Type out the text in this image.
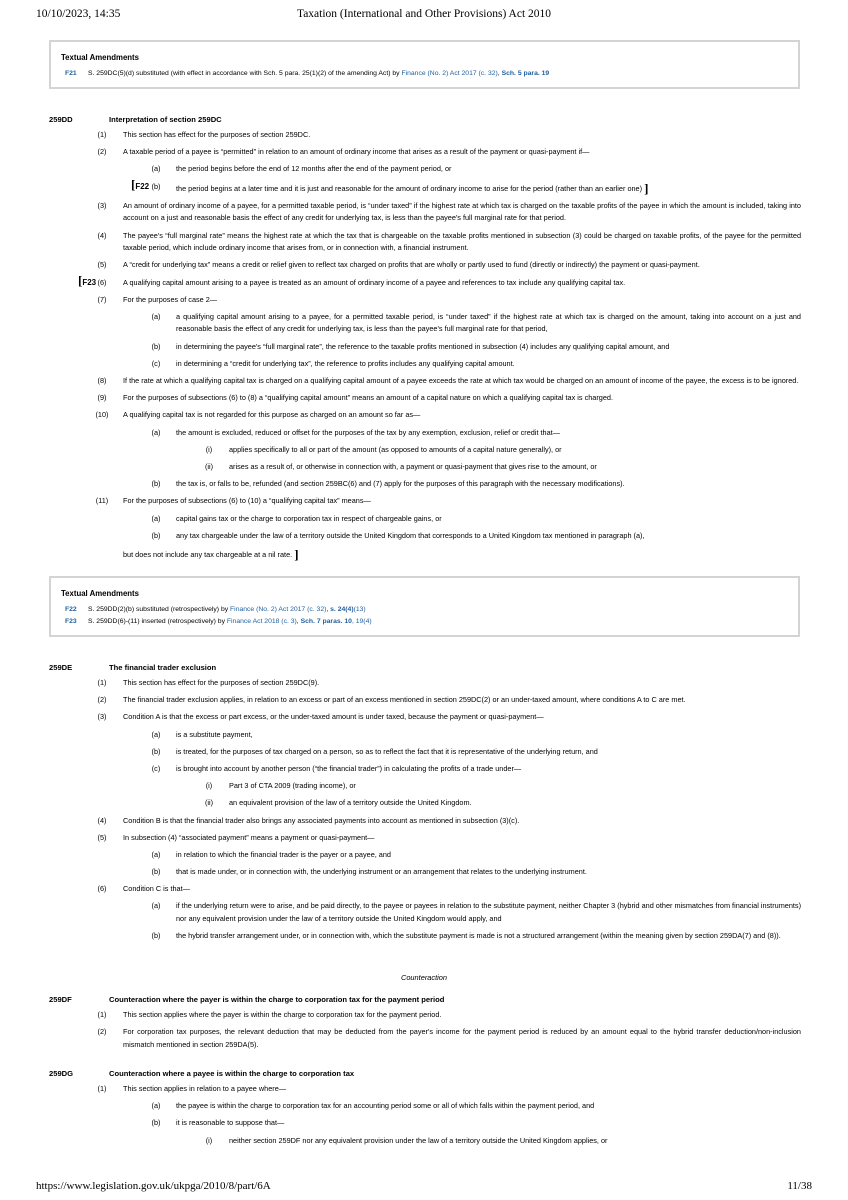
10/10/2023, 14:35	Taxation (International and Other Provisions) Act 2010
Textual Amendments
F21 S. 259DC(5)(d) substituted (with effect in accordance with Sch. 5 para. 25(1)(2) of the amending Act) by Finance (No. 2) Act 2017 (c. 32), Sch. 5 para. 19
259DD	Interpretation of section 259DC
(1)	This section has effect for the purposes of section 259DC.
(2)	A taxable period of a payee is “permitted” in relation to an amount of ordinary income that arises as a result of the payment or quasi-payment if—
(a)	the period begins before the end of 12 months after the end of the payment period, or
[F22 (b)	the period begins at a later time and it is just and reasonable for the amount of ordinary income to arise for the period (rather than an earlier one) ]
(3)	An amount of ordinary income of a payee, for a permitted taxable period, is “under taxed” if the highest rate at which tax is charged on the taxable profits of the payee in which the amount is included, taking into account on a just and reasonable basis the effect of any credit for underlying tax, is less than the payee's full marginal rate for that period.
(4)	The payee's “full marginal rate” means the highest rate at which the tax that is chargeable on the taxable profits mentioned in subsection (3) could be charged on taxable profits, of the payee for the permitted taxable period, which include ordinary income that arises from, or in connection with, a financial instrument.
(5)	A “credit for underlying tax” means a credit or relief given to reflect tax charged on profits that are wholly or partly used to fund (directly or indirectly) the payment or quasi-payment.
[F23 (6)	A qualifying capital amount arising to a payee is treated as an amount of ordinary income of a payee and references to tax include any qualifying capital tax.
(7)	For the purposes of case 2—
(a)	a qualifying capital amount arising to a payee, for a permitted taxable period, is “under taxed” if the highest rate at which tax is charged on the amount, taking into account on a just and reasonable basis the effect of any credit for underlying tax, is less than the payee's full marginal rate for that period,
(b)	in determining the payee's “full marginal rate”, the reference to the taxable profits mentioned in subsection (4) includes any qualifying capital amount, and
(c)	in determining a “credit for underlying tax”, the reference to profits includes any qualifying capital amount.
(8)	If the rate at which a qualifying capital tax is charged on a qualifying capital amount of a payee exceeds the rate at which tax would be charged on an amount of income of the payee, the excess is to be ignored.
(9)	For the purposes of subsections (6) to (8) a “qualifying capital amount” means an amount of a capital nature on which a qualifying capital tax is charged.
(10)	A qualifying capital tax is not regarded for this purpose as charged on an amount so far as—
(a)	the amount is excluded, reduced or offset for the purposes of the tax by any exemption, exclusion, relief or credit that—
(i)	applies specifically to all or part of the amount (as opposed to amounts of a capital nature generally), or
(ii)	arises as a result of, or otherwise in connection with, a payment or quasi-payment that gives rise to the amount, or
(b)	the tax is, or falls to be, refunded (and section 259BC(6) and (7) apply for the purposes of this paragraph with the necessary modifications).
(11)	For the purposes of subsections (6) to (10) a “qualifying capital tax” means—
(a)	capital gains tax or the charge to corporation tax in respect of chargeable gains, or
(b)	any tax chargeable under the law of a territory outside the United Kingdom that corresponds to a United Kingdom tax mentioned in paragraph (a),
but does not include any tax chargeable at a nil rate. ]
Textual Amendments
F22 S. 259DD(2)(b) substituted (retrospectively) by Finance (No. 2) Act 2017 (c. 32), s. 24(4)(13)
F23 S. 259DD(6)-(11) inserted (retrospectively) by Finance Act 2018 (c. 3), Sch. 7 paras. 10, 19(4)
259DE	The financial trader exclusion
(1)	This section has effect for the purposes of section 259DC(9).
(2)	The financial trader exclusion applies, in relation to an excess or part of an excess mentioned in section 259DC(2) or an under-taxed amount, where conditions A to C are met.
(3)	Condition A is that the excess or part excess, or the under-taxed amount is under taxed, because the payment or quasi-payment—
(a)	is a substitute payment,
(b)	is treated, for the purposes of tax charged on a person, so as to reflect the fact that it is representative of the underlying return, and
(c)	is brought into account by another person (“the financial trader”) in calculating the profits of a trade under—
(i)	Part 3 of CTA 2009 (trading income), or
(ii)	an equivalent provision of the law of a territory outside the United Kingdom.
(4)	Condition B is that the financial trader also brings any associated payments into account as mentioned in subsection (3)(c).
(5)	In subsection (4) “associated payment” means a payment or quasi-payment—
(a)	in relation to which the financial trader is the payer or a payee, and
(b)	that is made under, or in connection with, the underlying instrument or an arrangement that relates to the underlying instrument.
(6)	Condition C is that—
(a)	if the underlying return were to arise, and be paid directly, to the payee or payees in relation to the substitute payment, neither Chapter 3 (hybrid and other mismatches from financial instruments) nor any equivalent provision under the law of a territory outside the United Kingdom would apply, and
(b)	the hybrid transfer arrangement under, or in connection with, which the substitute payment is made is not a structured arrangement (within the meaning given by section 259DA(7) and (8)).
Counteraction
259DF	Counteraction where the payer is within the charge to corporation tax for the payment period
(1)	This section applies where the payer is within the charge to corporation tax for the payment period.
(2)	For corporation tax purposes, the relevant deduction that may be deducted from the payer's income for the payment period is reduced by an amount equal to the hybrid transfer deduction/non-inclusion mismatch mentioned in section 259DA(5).
259DG	Counteraction where a payee is within the charge to corporation tax
(1)	This section applies in relation to a payee where—
(a)	the payee is within the charge to corporation tax for an accounting period some or all of which falls within the payment period, and
(b)	it is reasonable to suppose that—
(i)	neither section 259DF nor any equivalent provision under the law of a territory outside the United Kingdom applies, or
https://www.legislation.gov.uk/ukpga/2010/8/part/6A	11/38
